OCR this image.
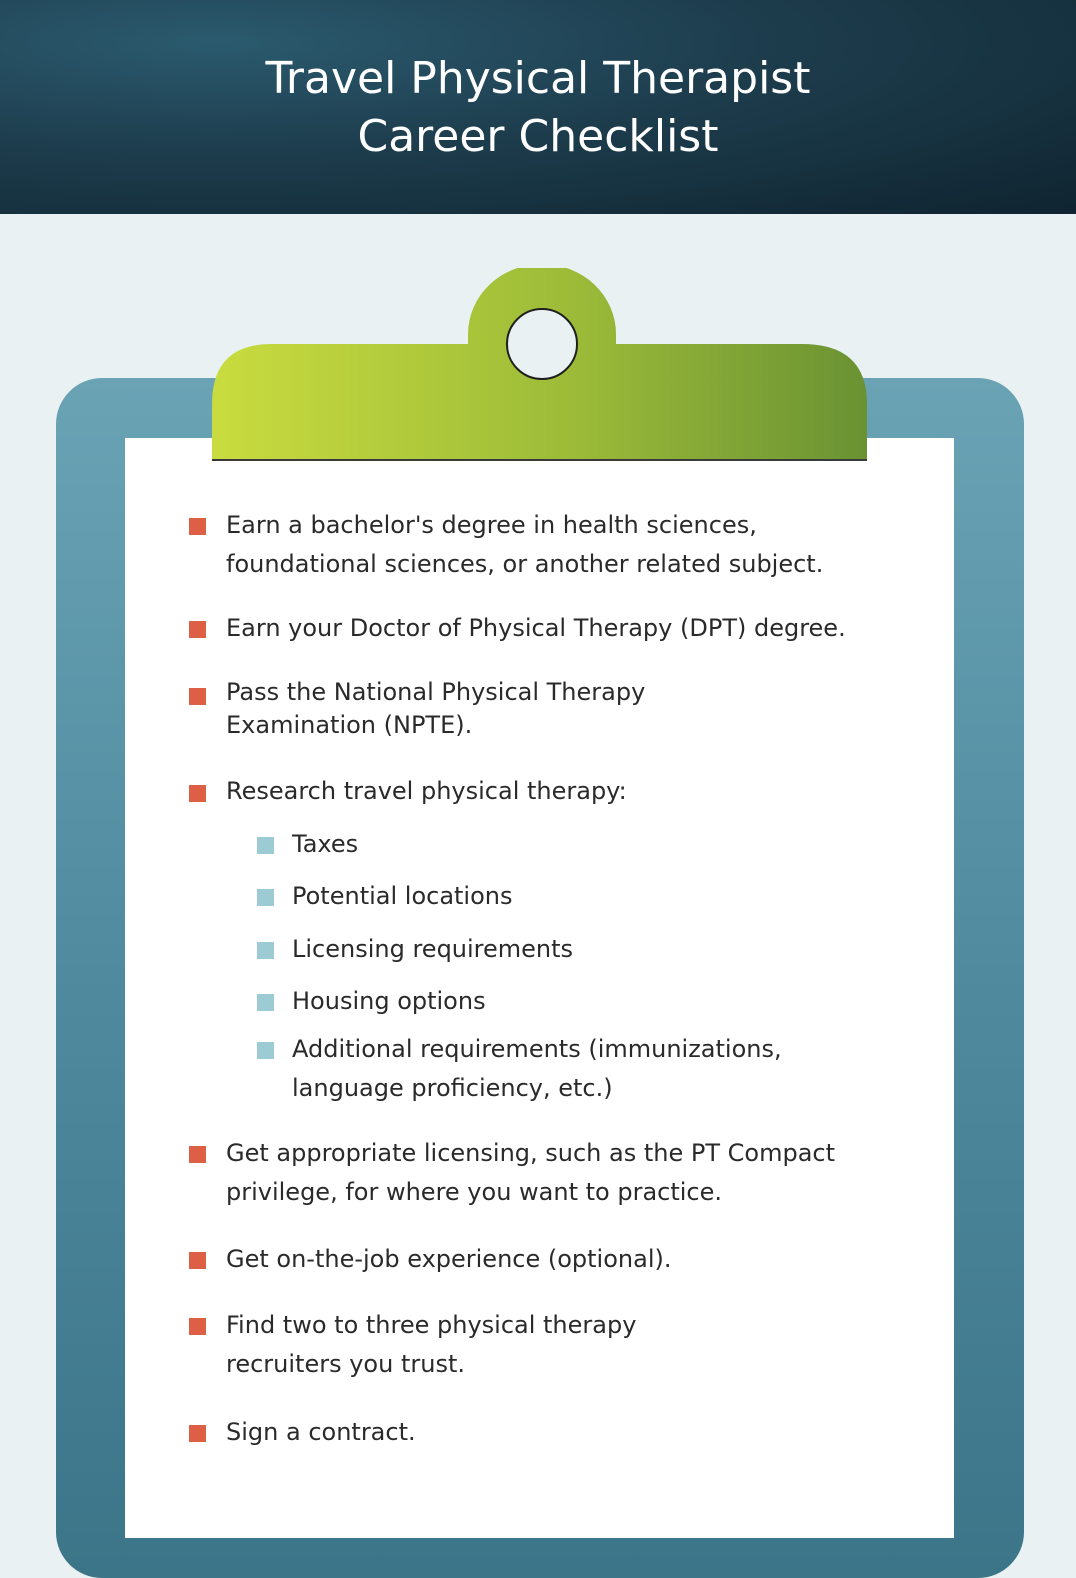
Travel Physical Therapist
Career Checklist

Earn a bachelor's degree in health sciences, foundational sciences, or another related subject.

Earn your Doctor of Physical Therapy (DPT) degree.

Pass the National Physical Therapy Examination (NPTE).

Research travel physical therapy:

Taxes

Potential locations

Licensing requirements

Housing options

Additional requirements (immunizations, language proficiency, etc.)

Get appropriate licensing, such as the PT Compact privilege, for where you want to practice.

Get on-the-job experience (optional).

Find two to three physical therapy recruiters you trust.

Sign a contract.
